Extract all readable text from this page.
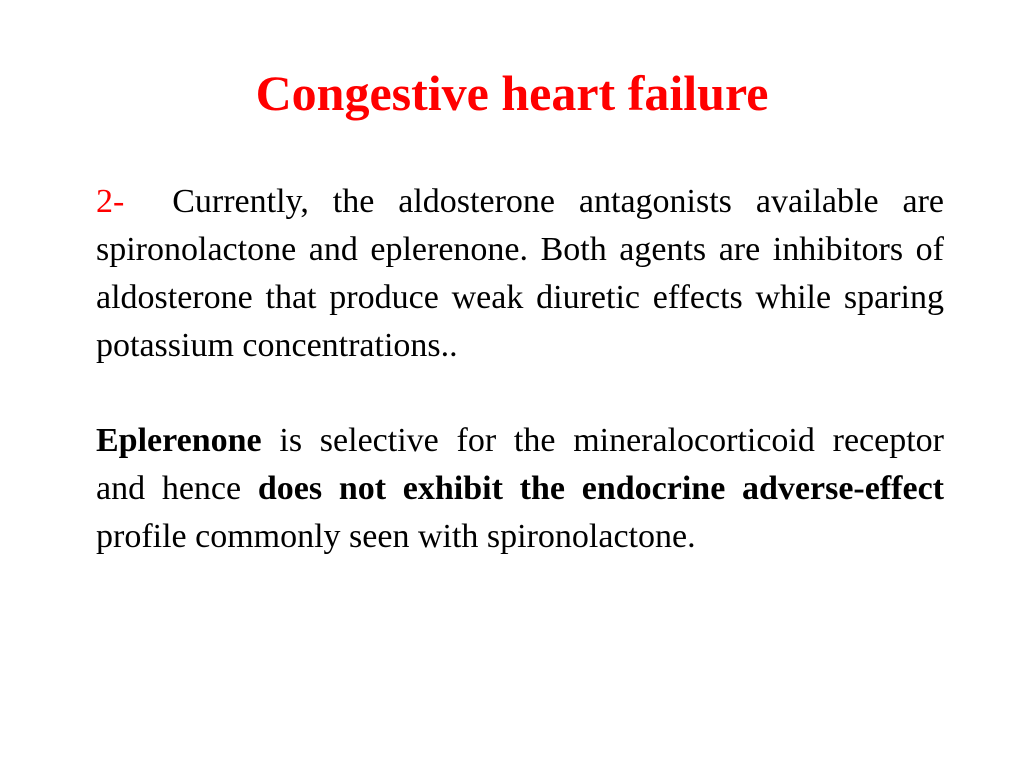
Congestive heart failure

2- Currently, the aldosterone antagonists available are spironolactone and eplerenone. Both agents are inhibitors of aldosterone that produce weak diuretic effects while sparing potassium concentrations..

Eplerenone is selective for the mineralocorticoid receptor and hence does not exhibit the endocrine adverse-effect profile commonly seen with spironolactone.
